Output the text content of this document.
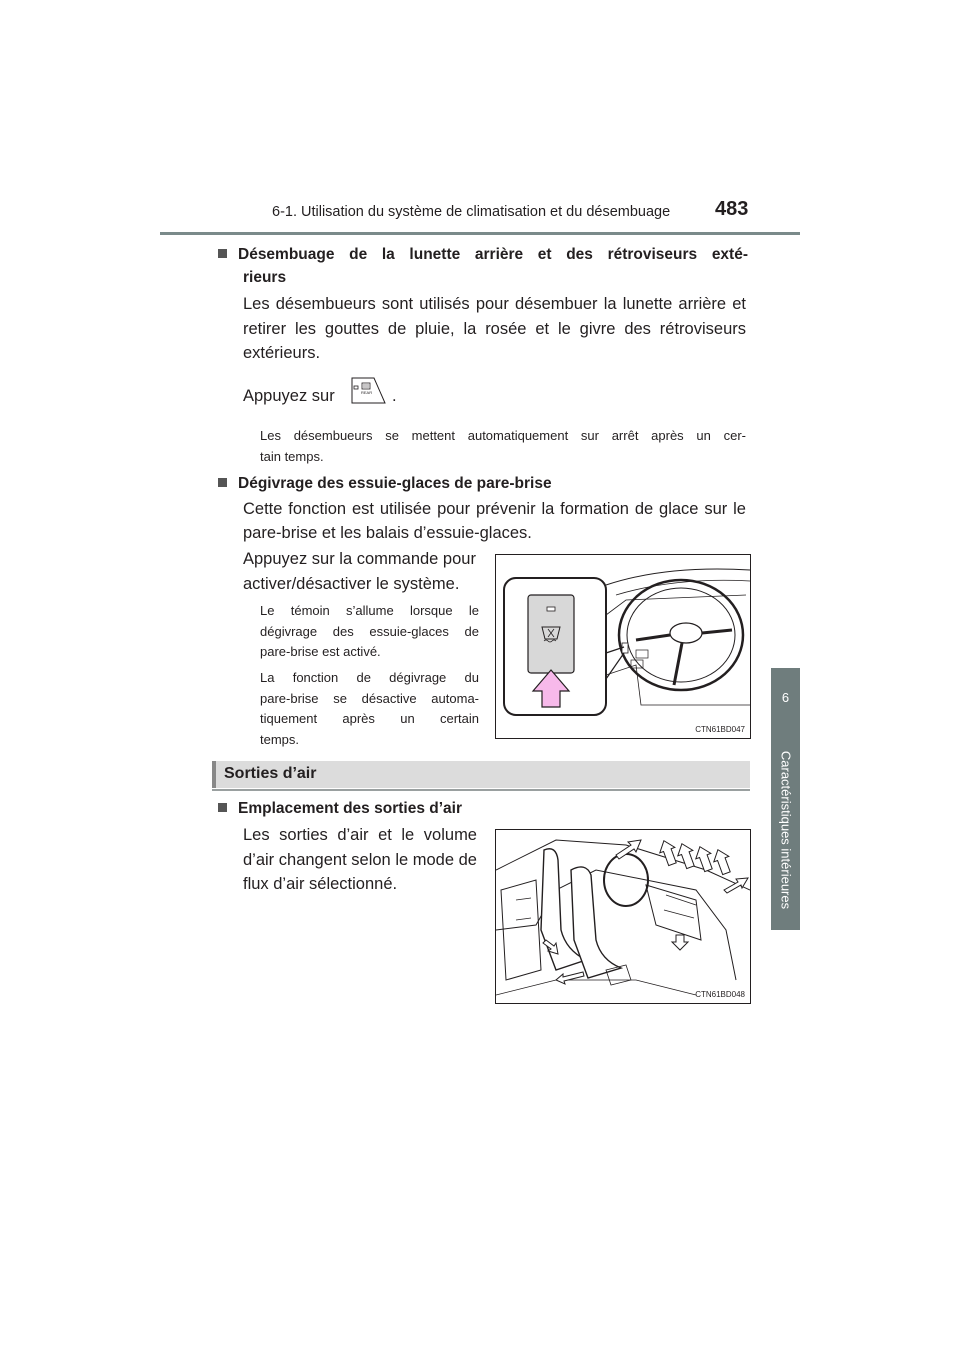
6-1. Utilisation du système de climatisation et du désembuage 483
6
Caractéristiques intérieures
Désembuage de la lunette arrière et des rétroviseurs exté-
rieurs
Les désembueurs sont utilisés pour désembuer la lunette arrière et
retirer les gouttes de pluie, la rosée et le givre des rétroviseurs
extérieurs.
Appuyez sur	REAR .
Les désembueurs se mettent automatiquement sur arrêt après un cer-
tain temps.
Dégivrage des essuie-glaces de pare-brise
Cette fonction est utilisée pour prévenir la formation de glace sur le
pare-brise et les balais d’essuie-glaces.
Appuyez sur la commande pour
activer/désactiver le système.
Le témoin s’allume lorsque le
dégivrage des essuie-glaces de
pare-brise est activé.
La fonction de dégivrage du
pare-brise se désactive automa-
tiquement après un certain
temps.
CTN61BD047
Sorties d’air
Emplacement des sorties d’air
Les sorties d’air et le volume
d’air changent selon le mode de
flux d’air sélectionné.
CTN61BD048
